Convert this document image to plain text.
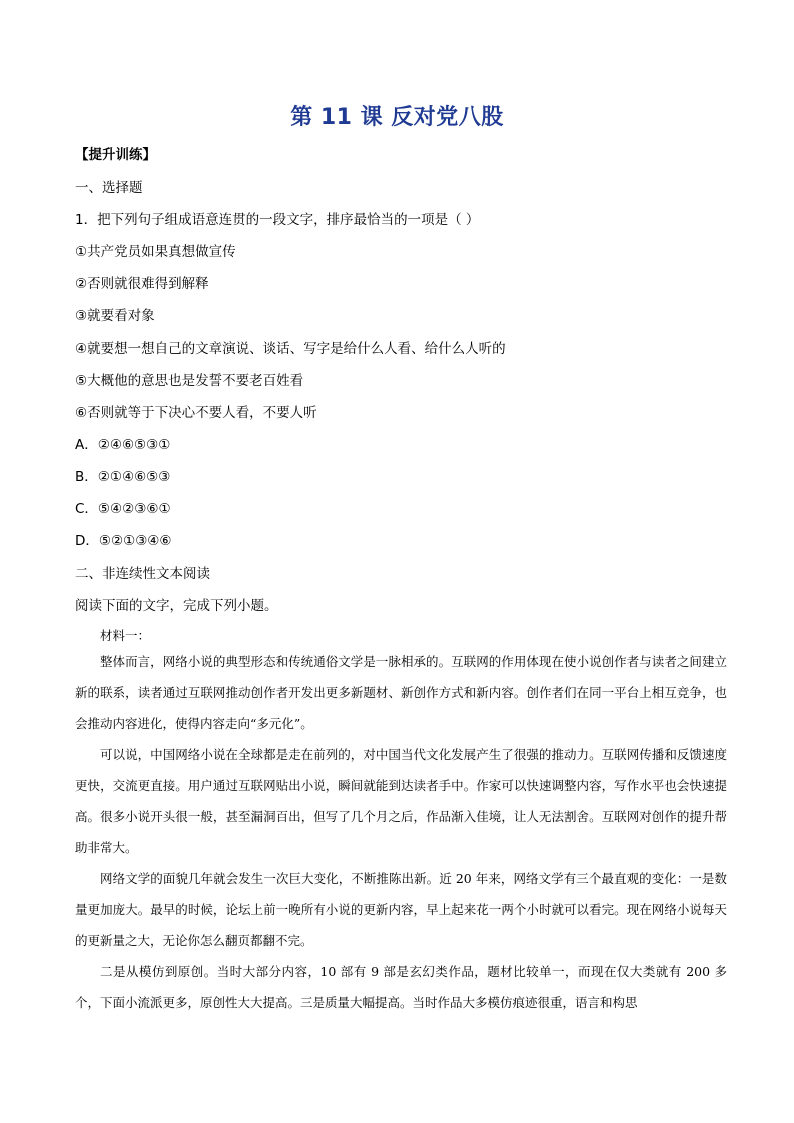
第 11 课 反对党八股
【提升训练】
一、选择题
1．把下列句子组成语意连贯的一段文字，排序最恰当的一项是（ ）
①共产党员如果真想做宣传
②否则就很难得到解释
③就要看对象
④就要想一想自己的文章演说、谈话、写字是给什么人看、给什么人听的
⑤大概他的意思也是发誓不要老百姓看
⑥否则就等于下决心不要人看，不要人听
A．②④⑥⑤③①
B．②①④⑥⑤③
C．⑤④②③⑥①
D．⑤②①③④⑥
二、非连续性文本阅读
阅读下面的文字，完成下列小题。
材料一：

整体而言，网络小说的典型形态和传统通俗文学是一脉相承的。互联网的作用体现在使小说创作者与读者之间建立新的联系，读者通过互联网推动创作者开发出更多新题材、新创作方式和新内容。创作者们在同一平台上相互竞争，也会推动内容进化，使得内容走向“多元化”。

可以说，中国网络小说在全球都是走在前列的，对中国当代文化发展产生了很强的推动力。互联网传播和反馈速度更快，交流更直接。用户通过互联网贴出小说，瞬间就能到达读者手中。作家可以快速调整内容，写作水平也会快速提高。很多小说开头很一般，甚至漏洞百出，但写了几个月之后，作品渐入佳境，让人无法割舍。互联网对创作的提升帮助非常大。

网络文学的面貌几年就会发生一次巨大变化，不断推陈出新。近 20 年来，网络文学有三个最直观的变化：一是数量更加庞大。最早的时候，论坛上前一晚所有小说的更新内容，早上起来花一两个小时就可以看完。现在网络小说每天的更新量之大，无论你怎么翻页都翻不完。

二是从模仿到原创。当时大部分内容，10 部有 9 部是玄幻类作品，题材比较单一，而现在仅大类就有 200 多个，下面小流派更多，原创性大大提高。三是质量大幅提高。当时作品大多模仿痕迹很重，语言和构思
